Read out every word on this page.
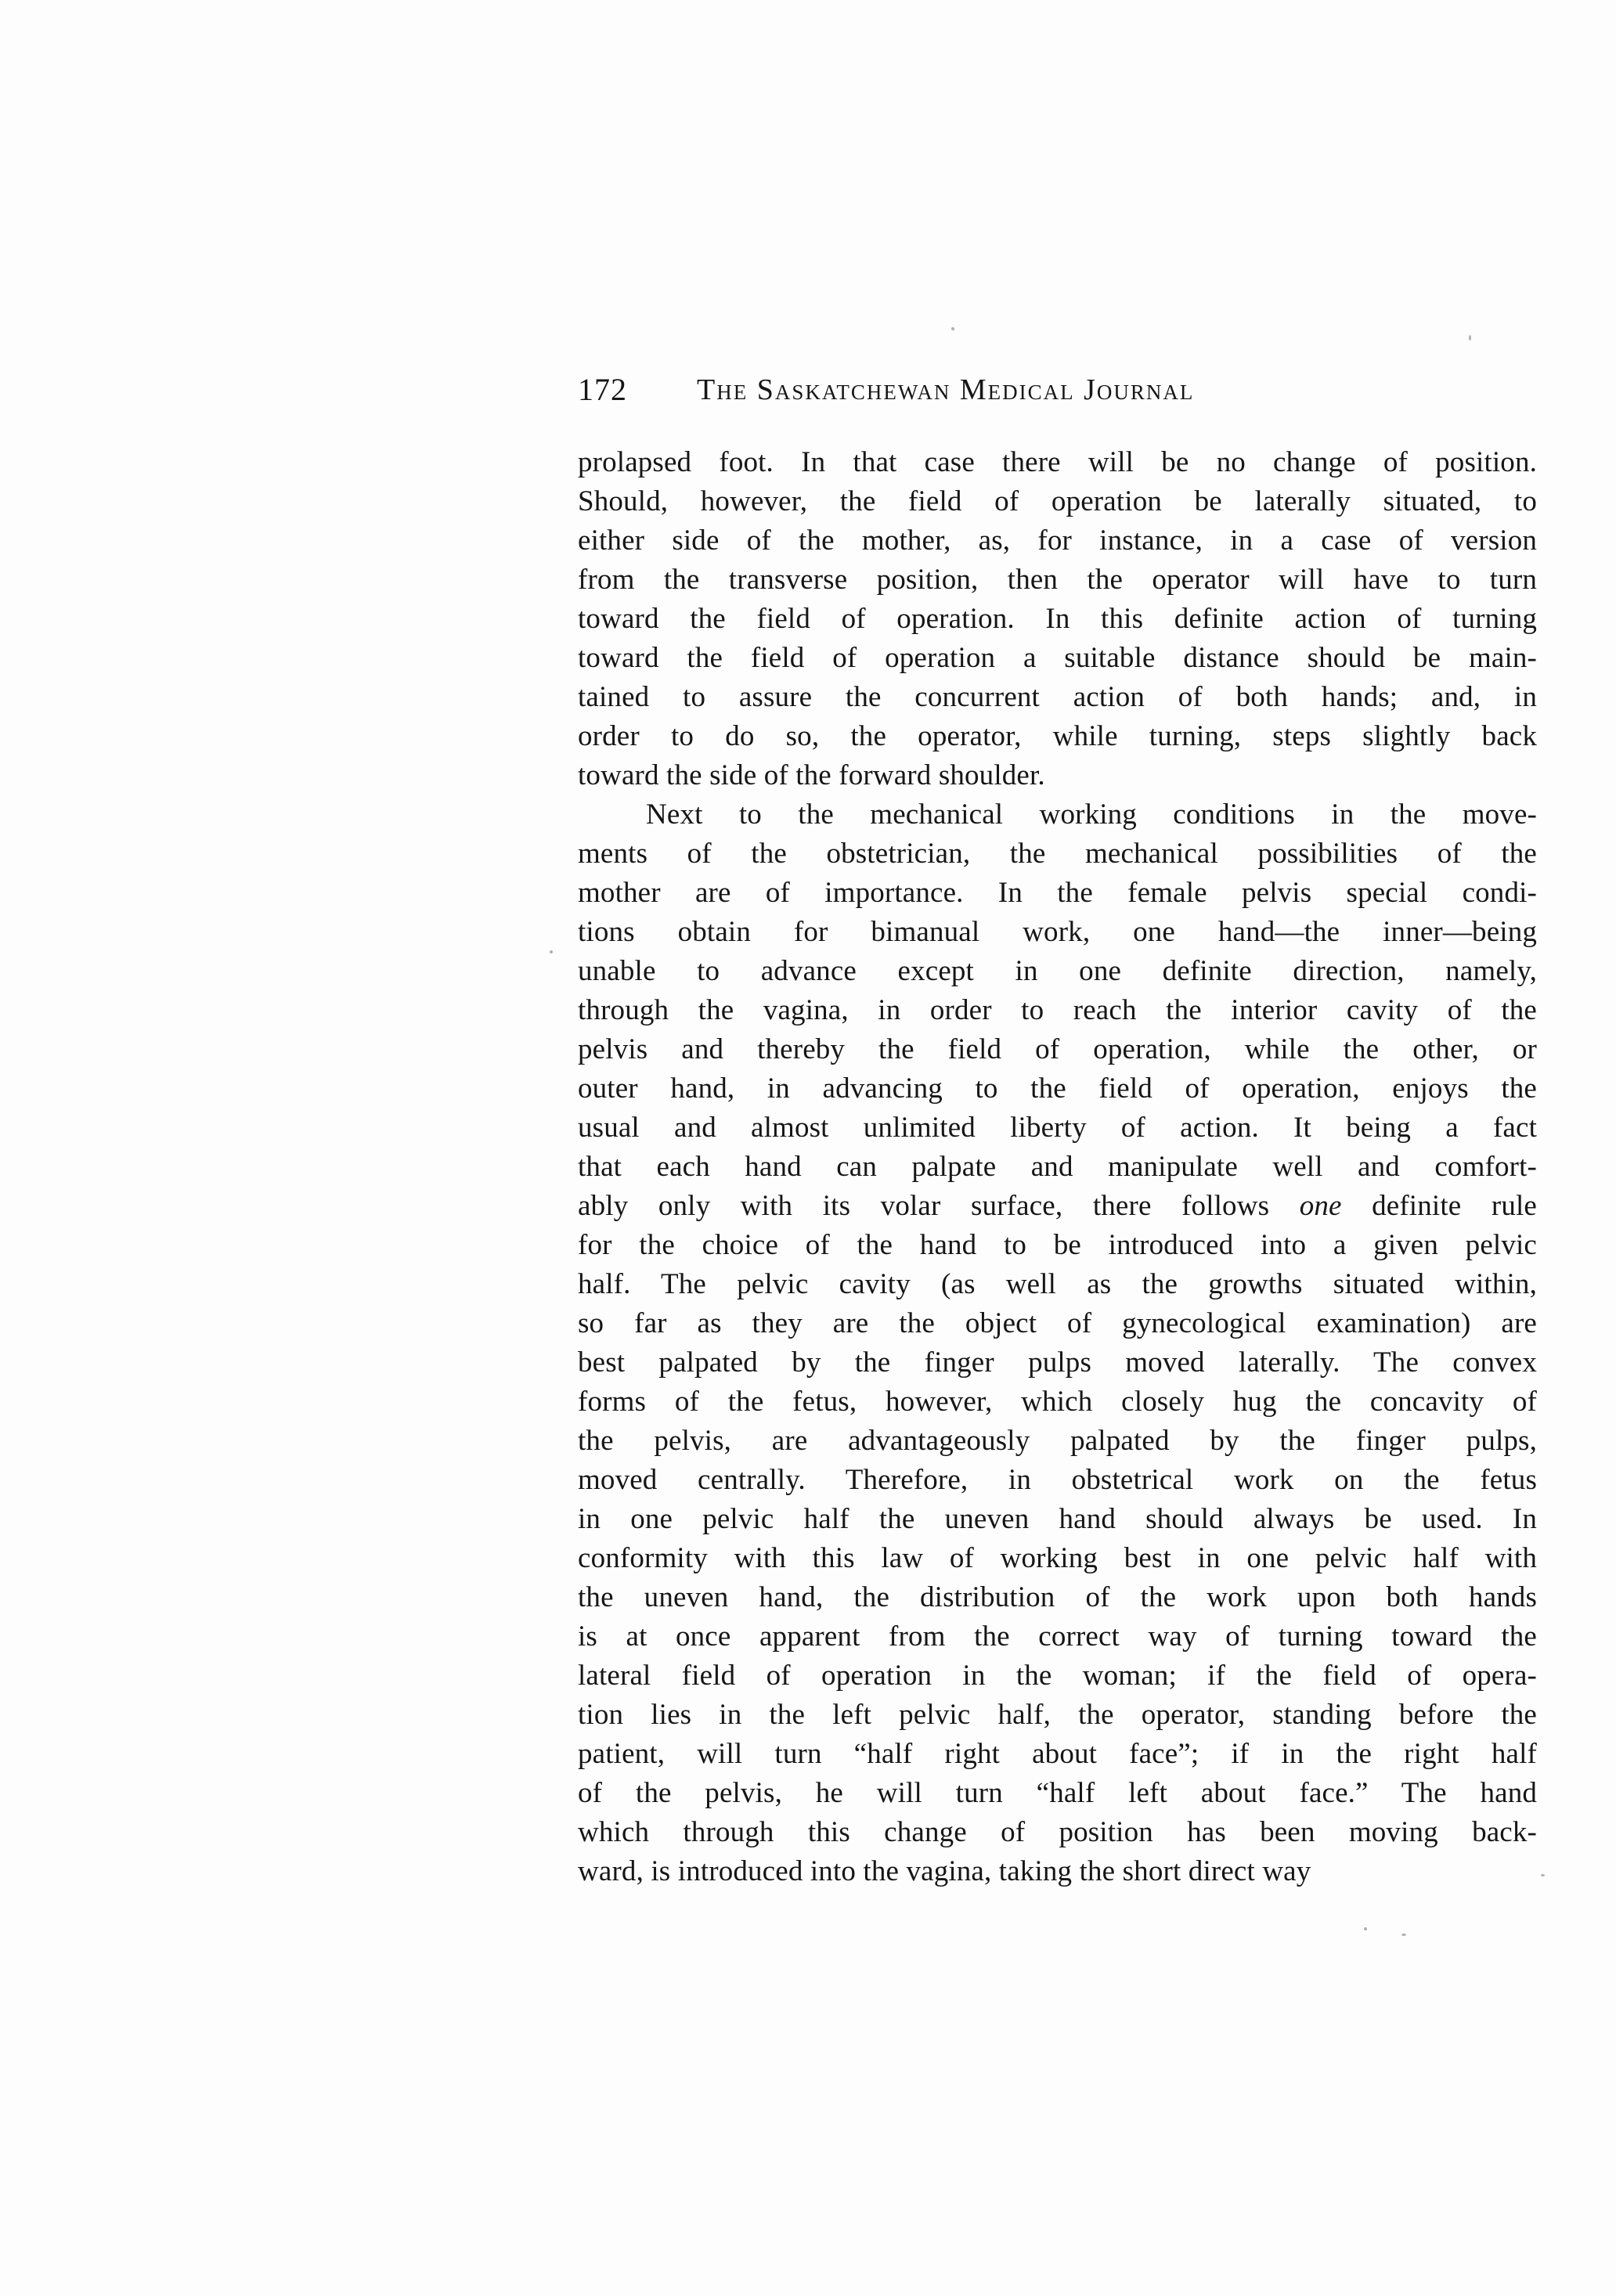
172 The Saskatchewan Medical Journal
prolapsed foot. In that case there will be no change of position.
Should, however, the field of operation be laterally situated, to
either side of the mother, as, for instance, in a case of version
from the transverse position, then the operator will have to turn
toward the field of operation. In this definite action of turning
toward the field of operation a suitable distance should be main-
tained to assure the concurrent action of both hands; and, in
order to do so, the operator, while turning, steps slightly back
toward the side of the forward shoulder.
Next to the mechanical working conditions in the move-
ments of the obstetrician, the mechanical possibilities of the
mother are of importance. In the female pelvis special condi-
tions obtain for bimanual work, one hand—the inner—being
unable to advance except in one definite direction, namely,
through the vagina, in order to reach the interior cavity of the
pelvis and thereby the field of operation, while the other, or
outer hand, in advancing to the field of operation, enjoys the
usual and almost unlimited liberty of action. It being a fact
that each hand can palpate and manipulate well and comfort-
ably only with its volar surface, there follows one definite rule
for the choice of the hand to be introduced into a given pelvic
half. The pelvic cavity (as well as the growths situated within,
so far as they are the object of gynecological examination) are
best palpated by the finger pulps moved laterally. The convex
forms of the fetus, however, which closely hug the concavity of
the pelvis, are advantageously palpated by the finger pulps,
moved centrally. Therefore, in obstetrical work on the fetus
in one pelvic half the uneven hand should always be used. In
conformity with this law of working best in one pelvic half with
the uneven hand, the distribution of the work upon both hands
is at once apparent from the correct way of turning toward the
lateral field of operation in the woman; if the field of opera-
tion lies in the left pelvic half, the operator, standing before the
patient, will turn “half right about face”; if in the right half
of the pelvis, he will turn “half left about face.” The hand
which through this change of position has been moving back-
ward, is introduced into the vagina, taking the short direct way
